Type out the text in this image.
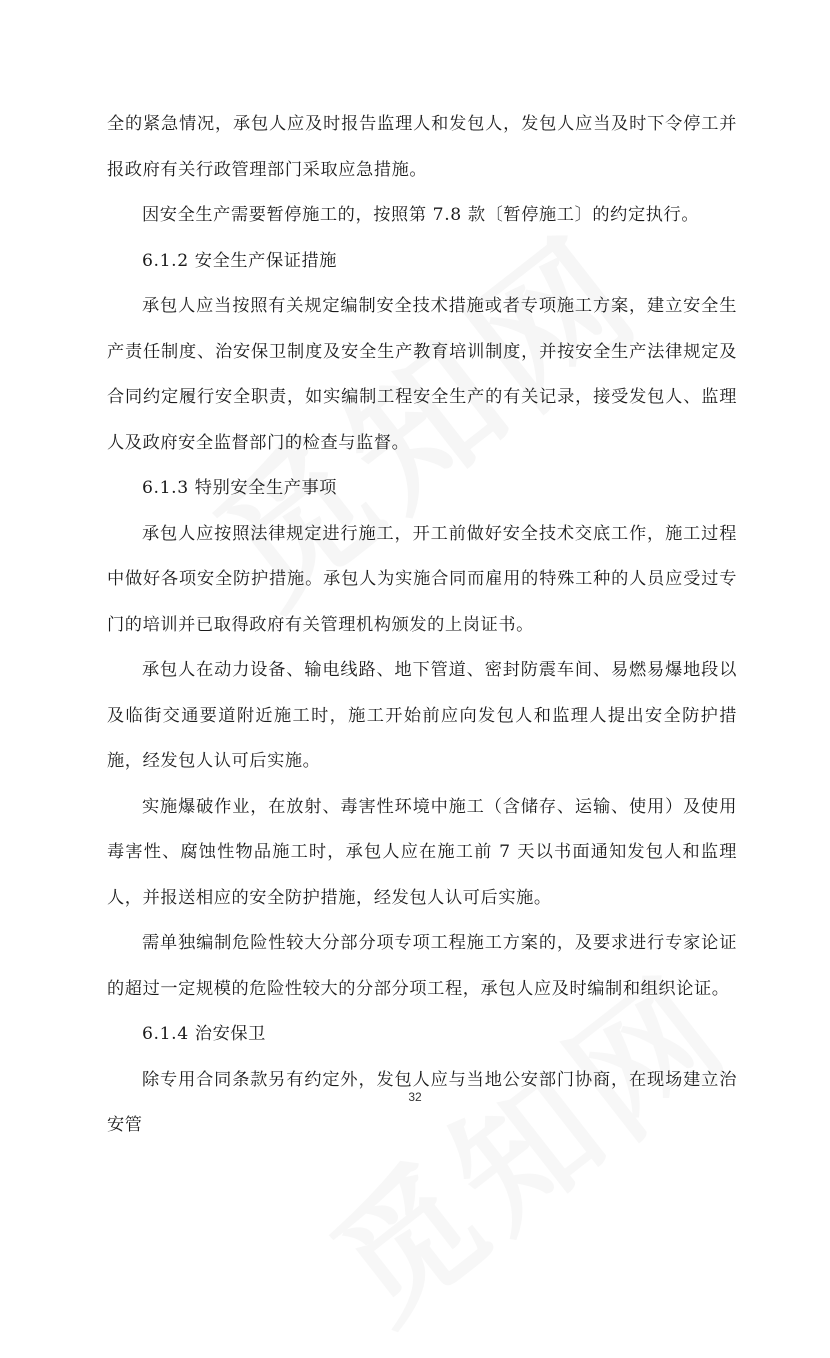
全的紧急情况，承包人应及时报告监理人和发包人，发包人应当及时下令停工并报政府有关行政管理部门采取应急措施。

因安全生产需要暂停施工的，按照第 7.8 款〔暂停施工〕的约定执行。

6.1.2 安全生产保证措施

承包人应当按照有关规定编制安全技术措施或者专项施工方案，建立安全生产责任制度、治安保卫制度及安全生产教育培训制度，并按安全生产法律规定及合同约定履行安全职责，如实编制工程安全生产的有关记录，接受发包人、监理人及政府安全监督部门的检查与监督。

6.1.3 特别安全生产事项

承包人应按照法律规定进行施工，开工前做好安全技术交底工作，施工过程中做好各项安全防护措施。承包人为实施合同而雇用的特殊工种的人员应受过专门的培训并已取得政府有关管理机构颁发的上岗证书。

承包人在动力设备、输电线路、地下管道、密封防震车间、易燃易爆地段以及临街交通要道附近施工时，施工开始前应向发包人和监理人提出安全防护措施，经发包人认可后实施。

实施爆破作业，在放射、毒害性环境中施工（含储存、运输、使用）及使用毒害性、腐蚀性物品施工时，承包人应在施工前 7 天以书面通知发包人和监理人，并报送相应的安全防护措施，经发包人认可后实施。

需单独编制危险性较大分部分项专项工程施工方案的，及要求进行专家论证的超过一定规模的危险性较大的分部分项工程，承包人应及时编制和组织论证。

6.1.4 治安保卫

除专用合同条款另有约定外，发包人应与当地公安部门协商，在现场建立治安管

32
